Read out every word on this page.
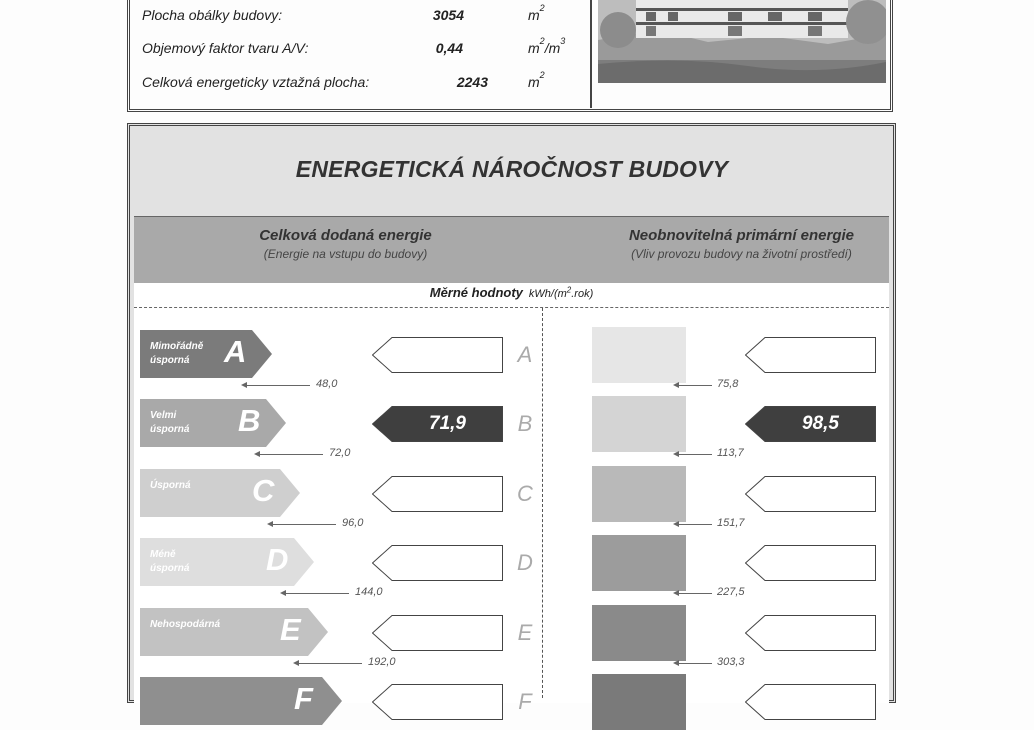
Plocha obálky budovy:	3054	$m^2$
Objemový faktor tvaru A/V:	0,44	$m^2/m^3$
Celková energeticky vztažná plocha:	2243	$m^2$
ENERGETICKÁ NÁROČNOST BUDOVY
Celková dodaná energie
(Energie na vstupu do budovy)
Neobnovitelná primární energie
(Vliv provozu budovy na životní prostředí)
Měrné hodnoty kWh/$(m^2.rok)$
Mimořádně
úsporná	A
48,0
A
75,8
Velmi
úsporná B
72,0
71,9	B
113,7
98,5
Úsporná C
96,0
C
151,7
Méně
úsporná D
144,0
D
227,5
Nehospodárná E
192,0
E
303,3
F	F
